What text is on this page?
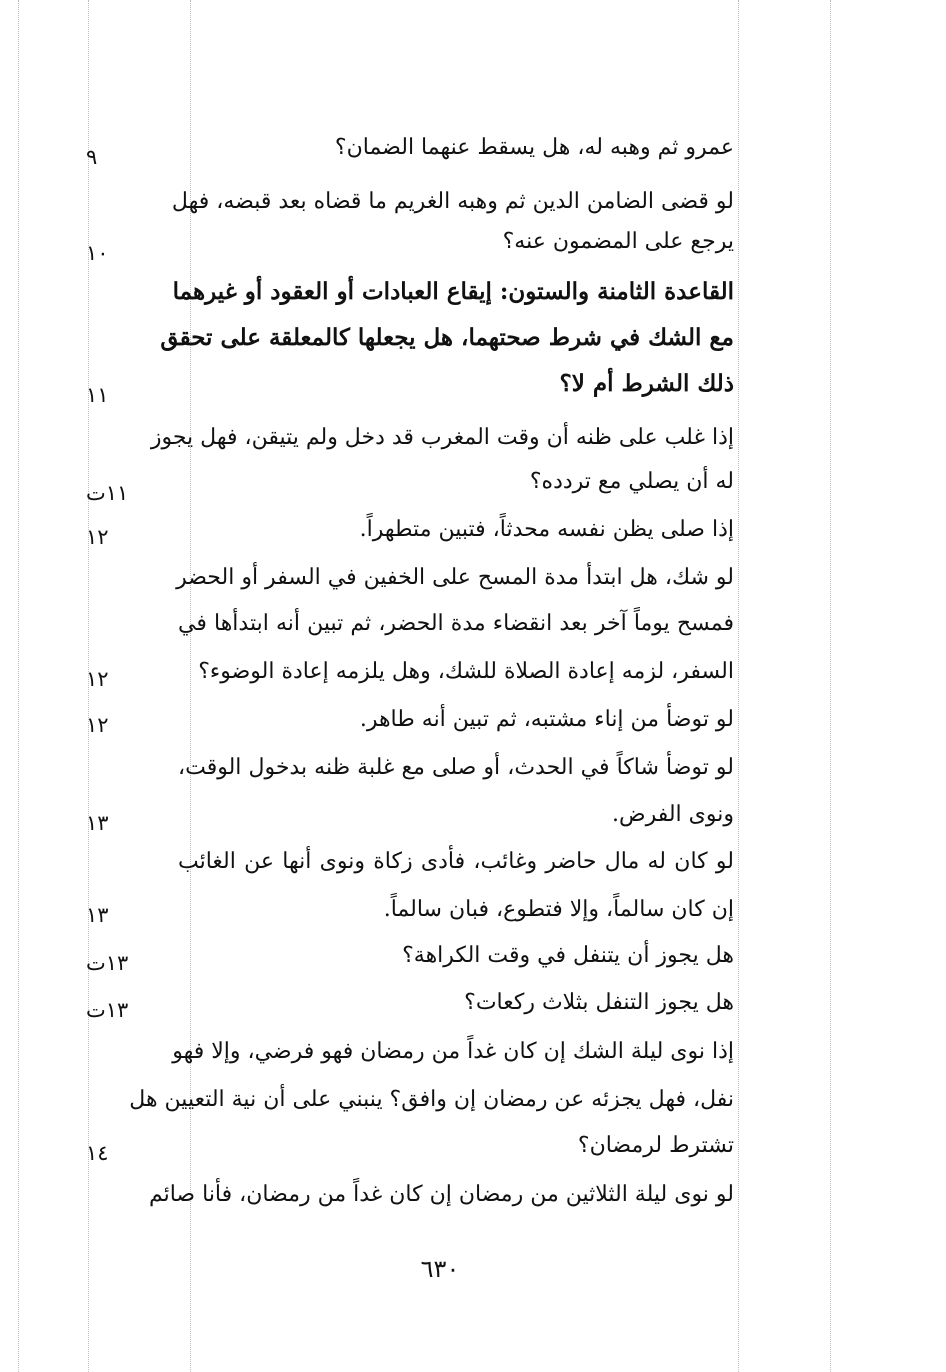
عمرو ثم وهبه له، هل يسقط عنهما الضمان؟
لو قضى الضامن الدين ثم وهبه الغريم ما قضاه بعد قبضه، فهل
يرجع على المضمون عنه؟
القاعدة الثامنة والستون: إيقاع العبادات أو العقود أو غيرهما
مع الشك في شرط صحتهما، هل يجعلها كالمعلقة على تحقق
ذلك الشرط أم لا؟
إذا غلب على ظنه أن وقت المغرب قد دخل ولم يتيقن، فهل يجوز
له أن يصلي مع تردده؟
إذا صلى يظن نفسه محدثاً، فتبين متطهراً.
لو شك، هل ابتدأ مدة المسح على الخفين في السفر أو الحضر
فمسح يوماً آخر بعد انقضاء مدة الحضر، ثم تبين أنه ابتدأها في
السفر، لزمه إعادة الصلاة للشك، وهل يلزمه إعادة الوضوء؟
لو توضأ من إناء مشتبه، ثم تبين أنه طاهر.
لو توضأ شاكاً في الحدث، أو صلى مع غلبة ظنه بدخول الوقت،
ونوى الفرض.
لو كان له مال حاضر وغائب، فأدى زكاة ونوى أنها عن الغائب
إن كان سالماً، وإلا فتطوع، فبان سالماً.
هل يجوز أن يتنفل في وقت الكراهة؟
هل يجوز التنفل بثلاث ركعات؟
إذا نوى ليلة الشك إن كان غداً من رمضان فهو فرضي، وإلا فهو
نفل، فهل يجزئه عن رمضان إن وافق؟ ينبني على أن نية التعيين هل
تشترط لرمضان؟
لو نوى ليلة الثلاثين من رمضان إن كان غداً من رمضان، فأنا صائم
٩
١٠
١١
١١ت
١٢
١٢
١٢
١٣
١٣
١٣ت
١٣ت
١٤
٦٣٠
